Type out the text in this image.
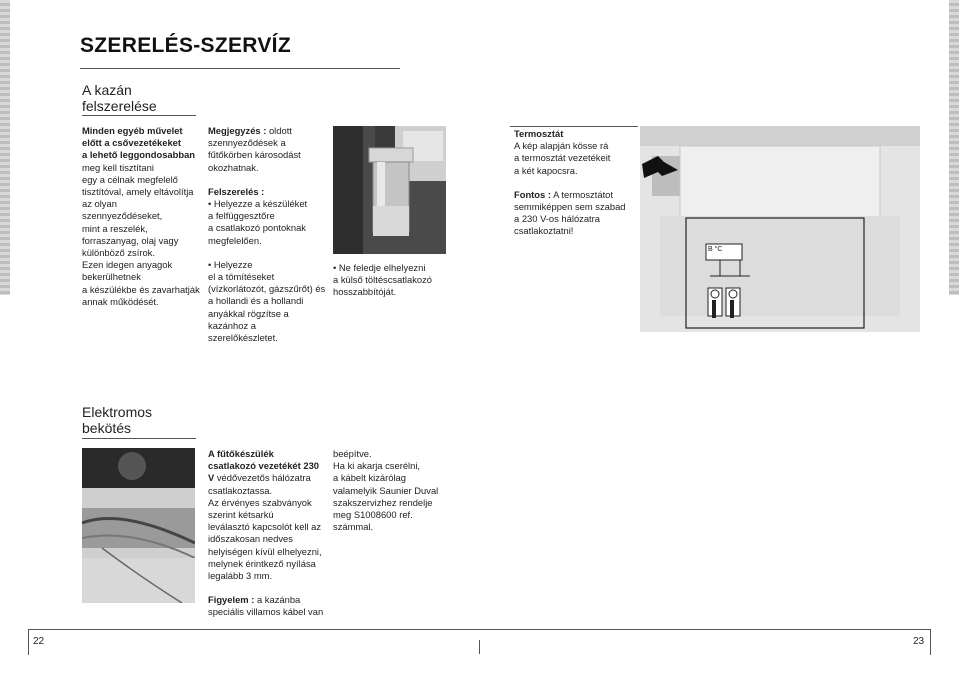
SZERELÉS-SZERVÍZ
A kazán
felszerelése
Minden egyéb művelet
előtt a csővezetékeket
a lehető leggondosabban
meg kell tisztítani
egy a célnak megfelelő
tisztítóval, amely eltávolítja
az olyan
szennyeződéseket,
mint a reszelék,
forraszanyag, olaj vagy
különböző zsírok.
Ezen idegen anyagok
bekerülhetnek
a készülékbe és zavarhatják
annak működését.
Megjegyzés : oldott
szennyeződések a
fűtőkörben károsodást
okozhatnak.
Felszerelés :
• Helyezze a készüléket
a felfüggesztőre
a csatlakozó pontoknak
megfelelően.
• Helyezze
el a tömítéseket
(vízkorlátozót, gázszűrőt) és
a hollandi és a hollandi
anyákkal rögzítse a
kazánhoz a szerelőkészletet.
• Ne feledje elhelyezni
a külső töltéscsatlakozó
hosszabbítóját.
Termosztát
A kép alapján kösse rá
a termosztát vezetékeit
a két kapocsra.
Fontos : A termosztátot
semmiképpen sem szabad
a 230 V-os hálózatra
csatlakoztatni!
B °C
Elektromos
bekötés
A fűtőkészülék
csatlakozó vezetékét 230
V védővezetős hálózatra
csatlakoztassa.
Az érvényes szabványok
szerint kétsarkú
leválasztó kapcsolót kell az
időszakosan nedves
helyiségen kívül elhelyezni,
melynek érintkező nyílása
legalább 3 mm.
Figyelem : a kazánba
speciális villamos kábel van
beépítve.
Ha ki akarja cserélni,
a kábelt kizárólag
valamelyik Saunier Duval
szakszervizhez rendelje
meg S1008600 ref.
számmal.
22	23
